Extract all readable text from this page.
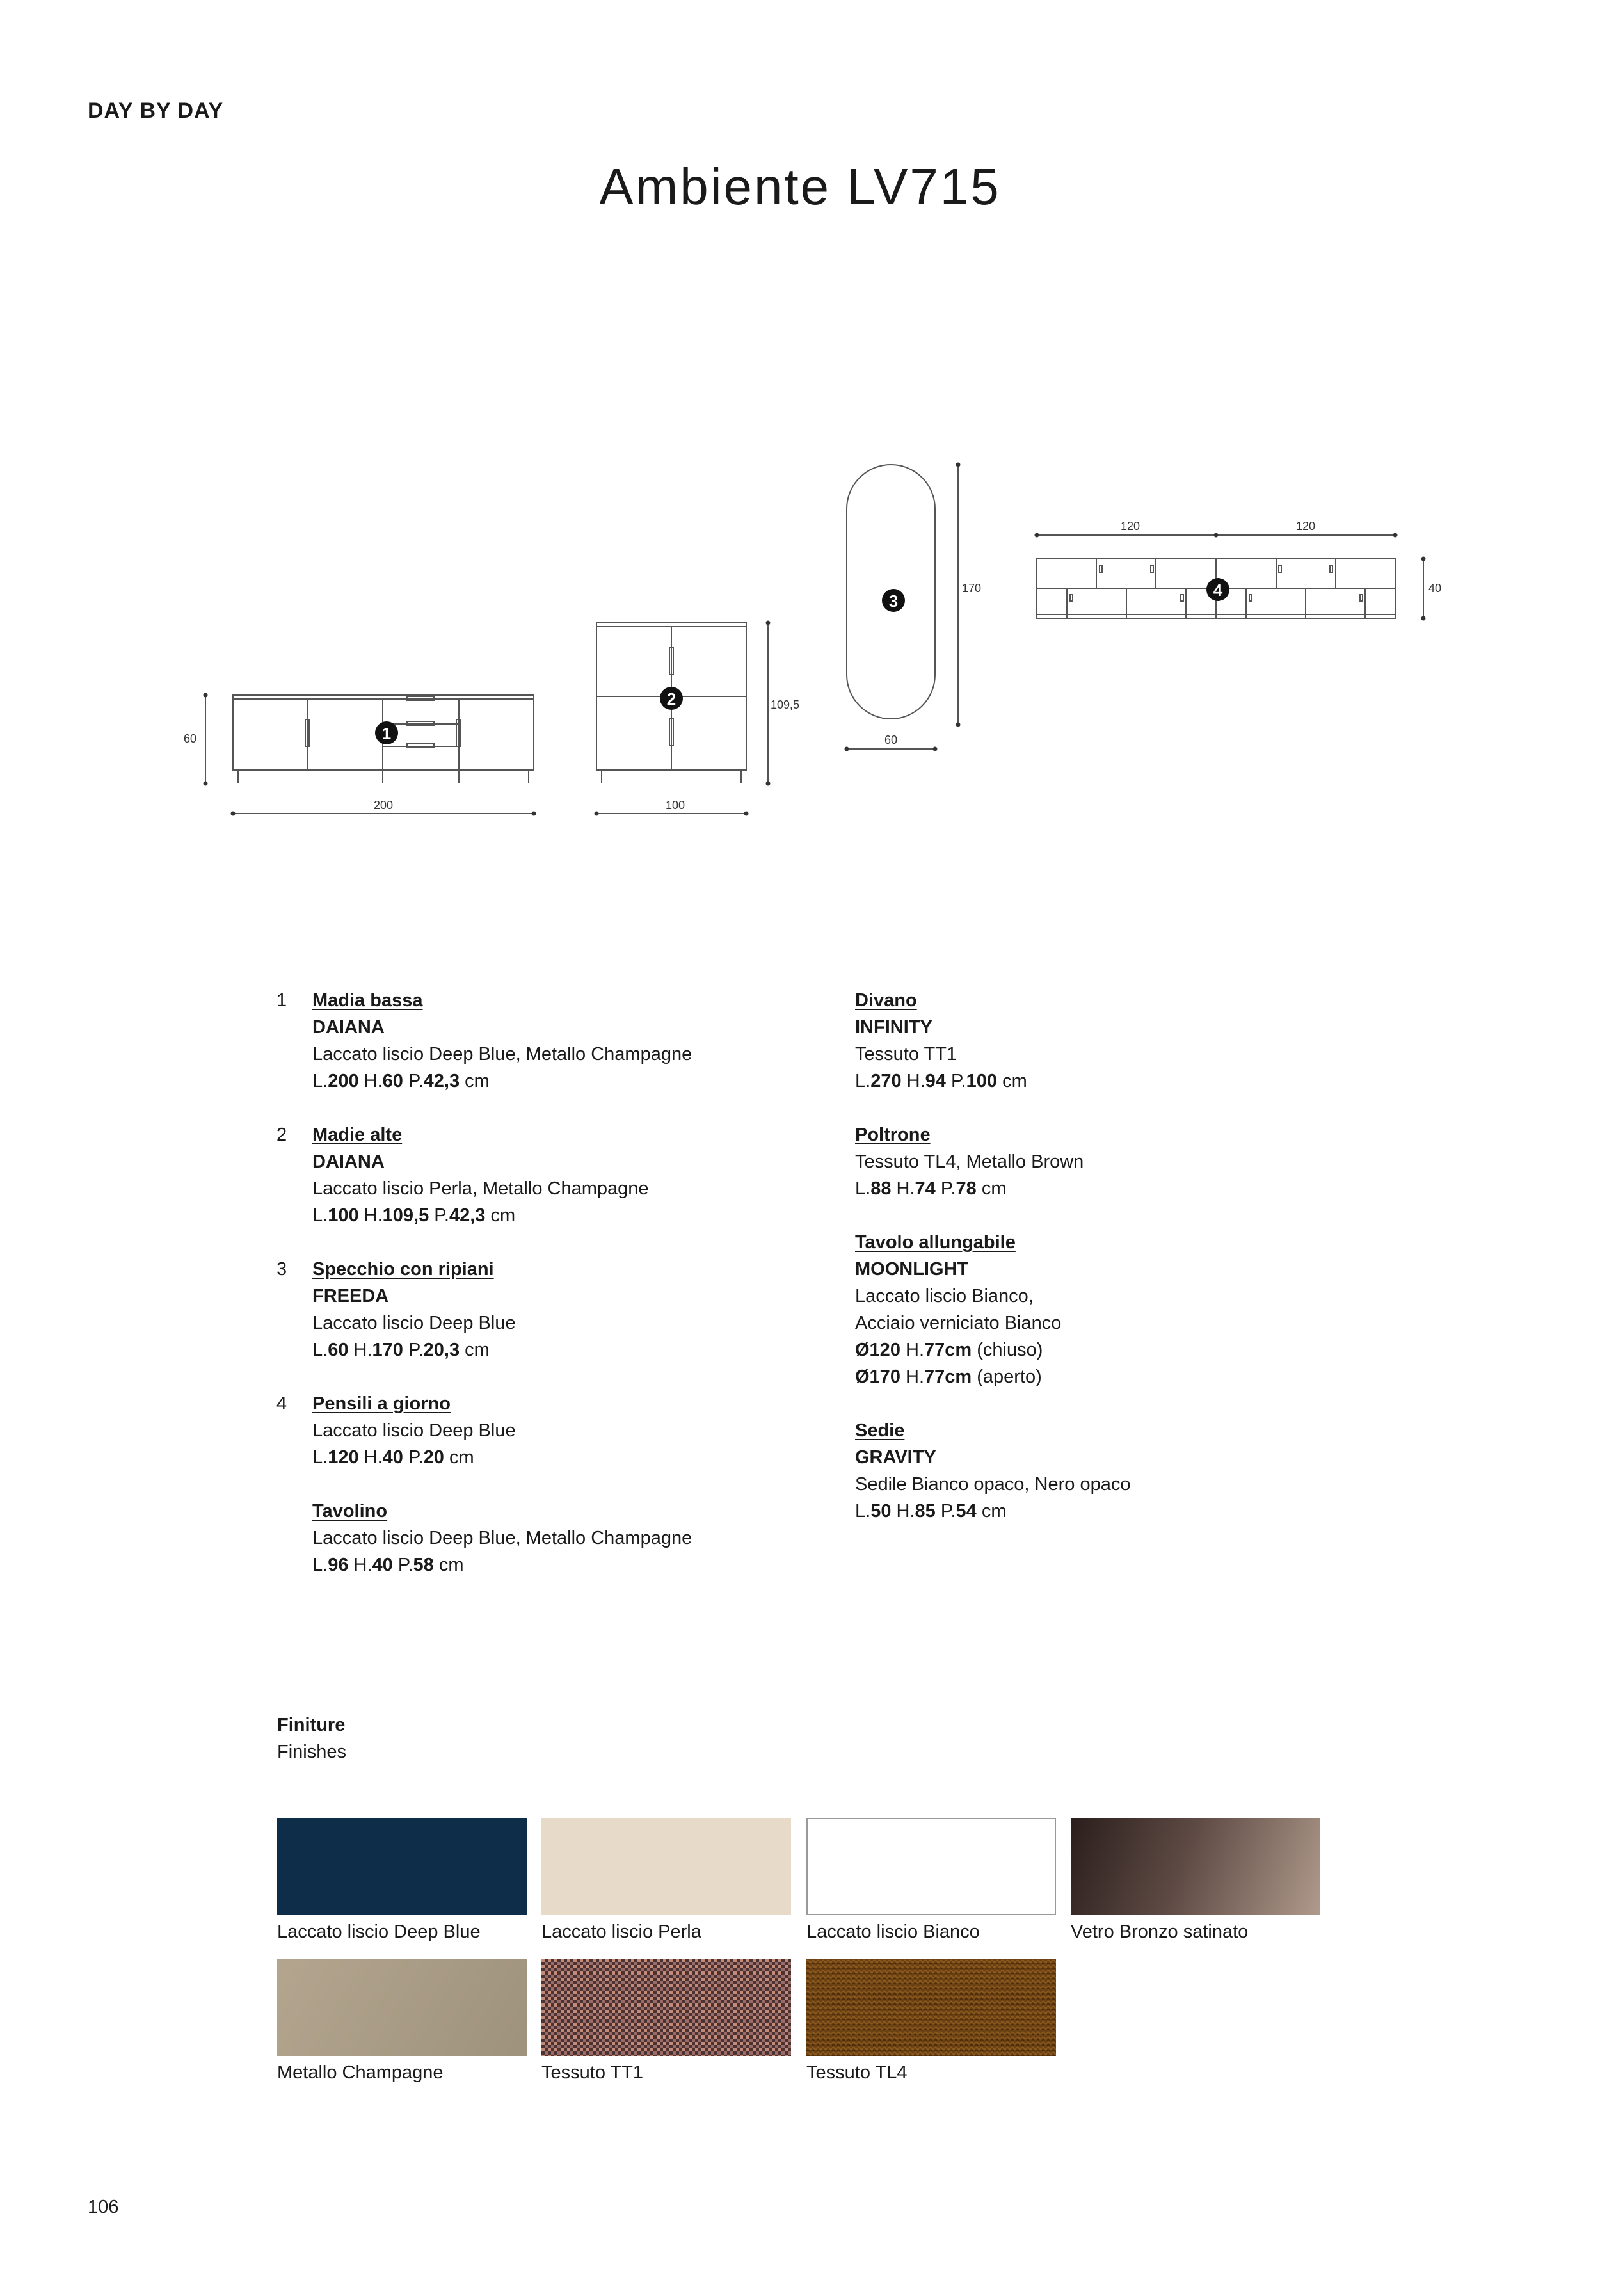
DAY BY DAY
Ambiente LV715
1
2
3
4
60
200
109,5
100
170
60
120	120
40
1 Madia bassa
DAIANA
Laccato liscio Deep Blue, Metallo Champagne
L.200 H.60 P.42,3 cm
2 Madie alte
DAIANA
Laccato liscio Perla, Metallo Champagne
L.100 H.109,5 P.42,3 cm
3 Specchio con ripiani
FREEDA
Laccato liscio Deep Blue
L.60 H.170 P.20,3 cm
4 Pensili a giorno
Laccato liscio Deep Blue
L.120 H.40 P.20 cm
Tavolino
Laccato liscio Deep Blue, Metallo Champagne
L.96 H.40 P.58 cm
Divano
INFINITY
Tessuto TT1
L.270 H.94 P.100 cm
Poltrone
Tessuto TL4, Metallo Brown
L.88 H.74 P.78 cm
Tavolo allungabile
MOONLIGHT
Laccato liscio Bianco,
Acciaio verniciato Bianco
Ø120 H.77cm (chiuso)
Ø170 H.77cm (aperto)
Sedie
GRAVITY
Sedile Bianco opaco, Nero opaco
L.50 H.85 P.54 cm
Finiture
Finishes
Laccato liscio Deep Blue	Laccato liscio Perla	Laccato liscio Bianco	Vetro Bronzo satinato
Metallo Champagne	Tessuto TT1	Tessuto TL4
106
